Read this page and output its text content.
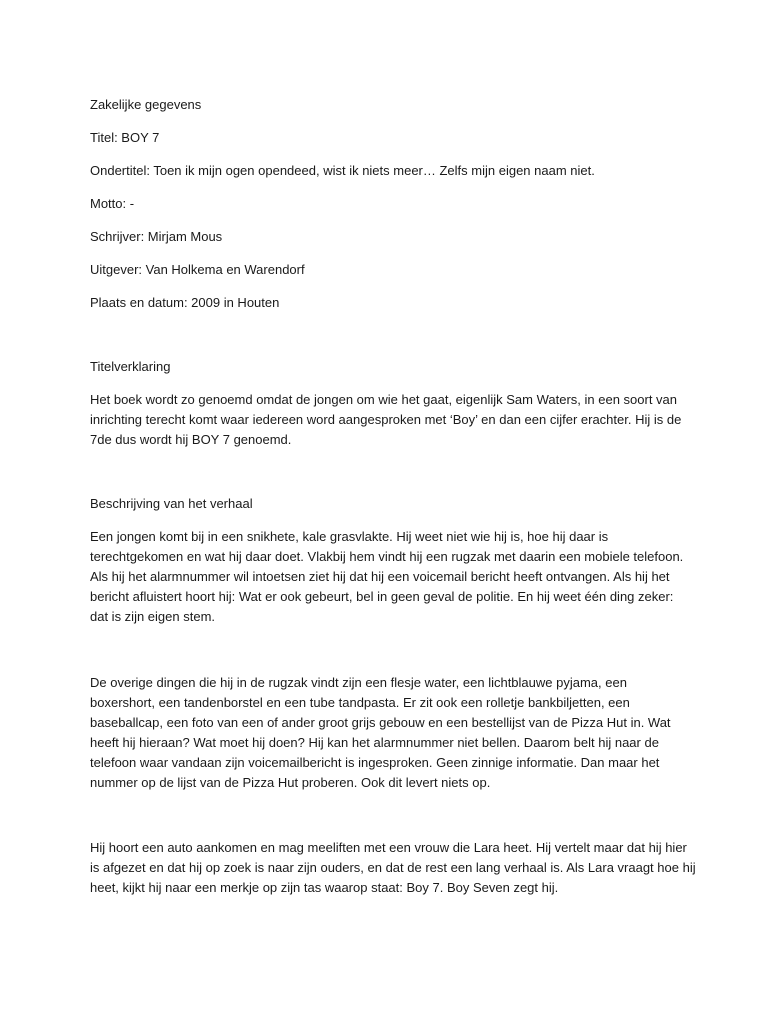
Zakelijke gegevens

Titel: BOY 7

Ondertitel: Toen ik mijn ogen opendeed, wist ik niets meer… Zelfs mijn eigen naam niet.

Motto: -

Schrijver: Mirjam Mous

Uitgever: Van Holkema en Warendorf

Plaats en datum: 2009 in Houten

Titelverklaring

Het boek wordt zo genoemd omdat de jongen om wie het gaat, eigenlijk Sam Waters, in een soort van
inrichting terecht komt waar iedereen word aangesproken met ‘Boy’ en dan een cijfer erachter. Hij is de
7de dus wordt hij BOY 7 genoemd.

Beschrijving van het verhaal

Een jongen komt bij in een snikhete, kale grasvlakte. Hij weet niet wie hij is, hoe hij daar is
terechtgekomen en wat hij daar doet. Vlakbij hem vindt hij een rugzak met daarin een mobiele telefoon.
Als hij het alarmnummer wil intoetsen ziet hij dat hij een voicemail bericht heeft ontvangen. Als hij het
bericht afluistert hoort hij: Wat er ook gebeurt, bel in geen geval de politie. En hij weet één ding zeker:
dat is zijn eigen stem.
De overige dingen die hij in de rugzak vindt zijn een flesje water, een lichtblauwe pyjama, een
boxershort, een tandenborstel en een tube tandpasta. Er zit ook een rolletje bankbiljetten, een
baseballcap, een foto van een of ander groot grijs gebouw en een bestellijst van de Pizza Hut in. Wat
heeft hij hieraan? Wat moet hij doen? Hij kan het alarmnummer niet bellen. Daarom belt hij naar de
telefoon waar vandaan zijn voicemailbericht is ingesproken. Geen zinnige informatie. Dan maar het
nummer op de lijst van de Pizza Hut proberen. Ook dit levert niets op.
Hij hoort een auto aankomen en mag meeliften met een vrouw die Lara heet. Hij vertelt maar dat hij hier
is afgezet en dat hij op zoek is naar zijn ouders, en dat de rest een lang verhaal is. Als Lara vraagt hoe hij
heet, kijkt hij naar een merkje op zijn tas waarop staat: Boy 7. Boy Seven zegt hij.
